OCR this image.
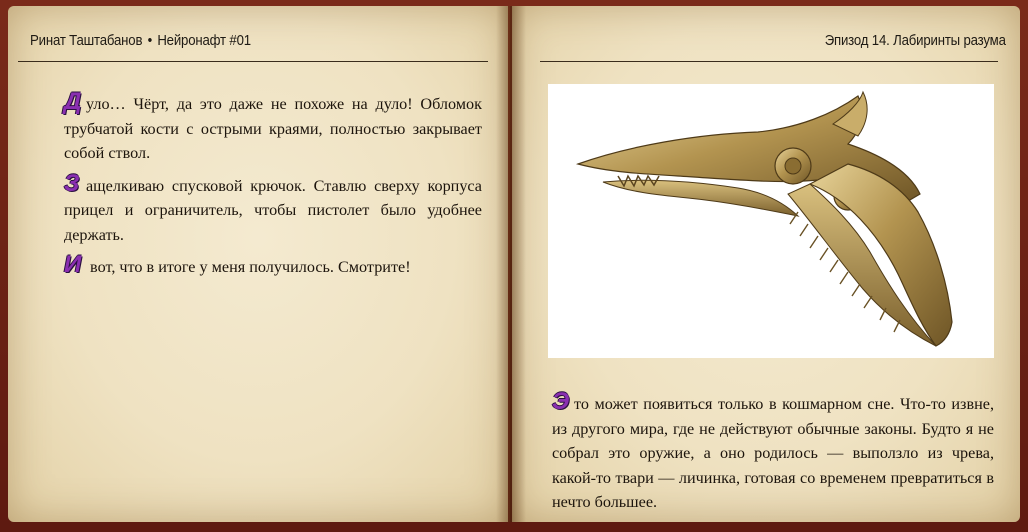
Ринат Таштабанов • Нейронафт #01	Эпизод 14. Лабиринты разума

Д уло… Чёрт, да это даже не похоже на дуло! Обломок трубчатой кости с острыми краями, полностью закрывает собой ствол.

З ащелкиваю спусковой крючок. Ставлю сверху корпуса прицел и ограничитель, чтобы пистолет было удобнее держать.

И вот, что в итоге у меня получилось. Смотрите!

Э то может появиться только в кошмарном сне. Что-то извне, из другого мира, где не действуют обычные законы. Будто я не собрал это оружие, а оно родилось — выползло из чрева, какой-то твари — личинка, готовая со временем превратиться в нечто большее.
